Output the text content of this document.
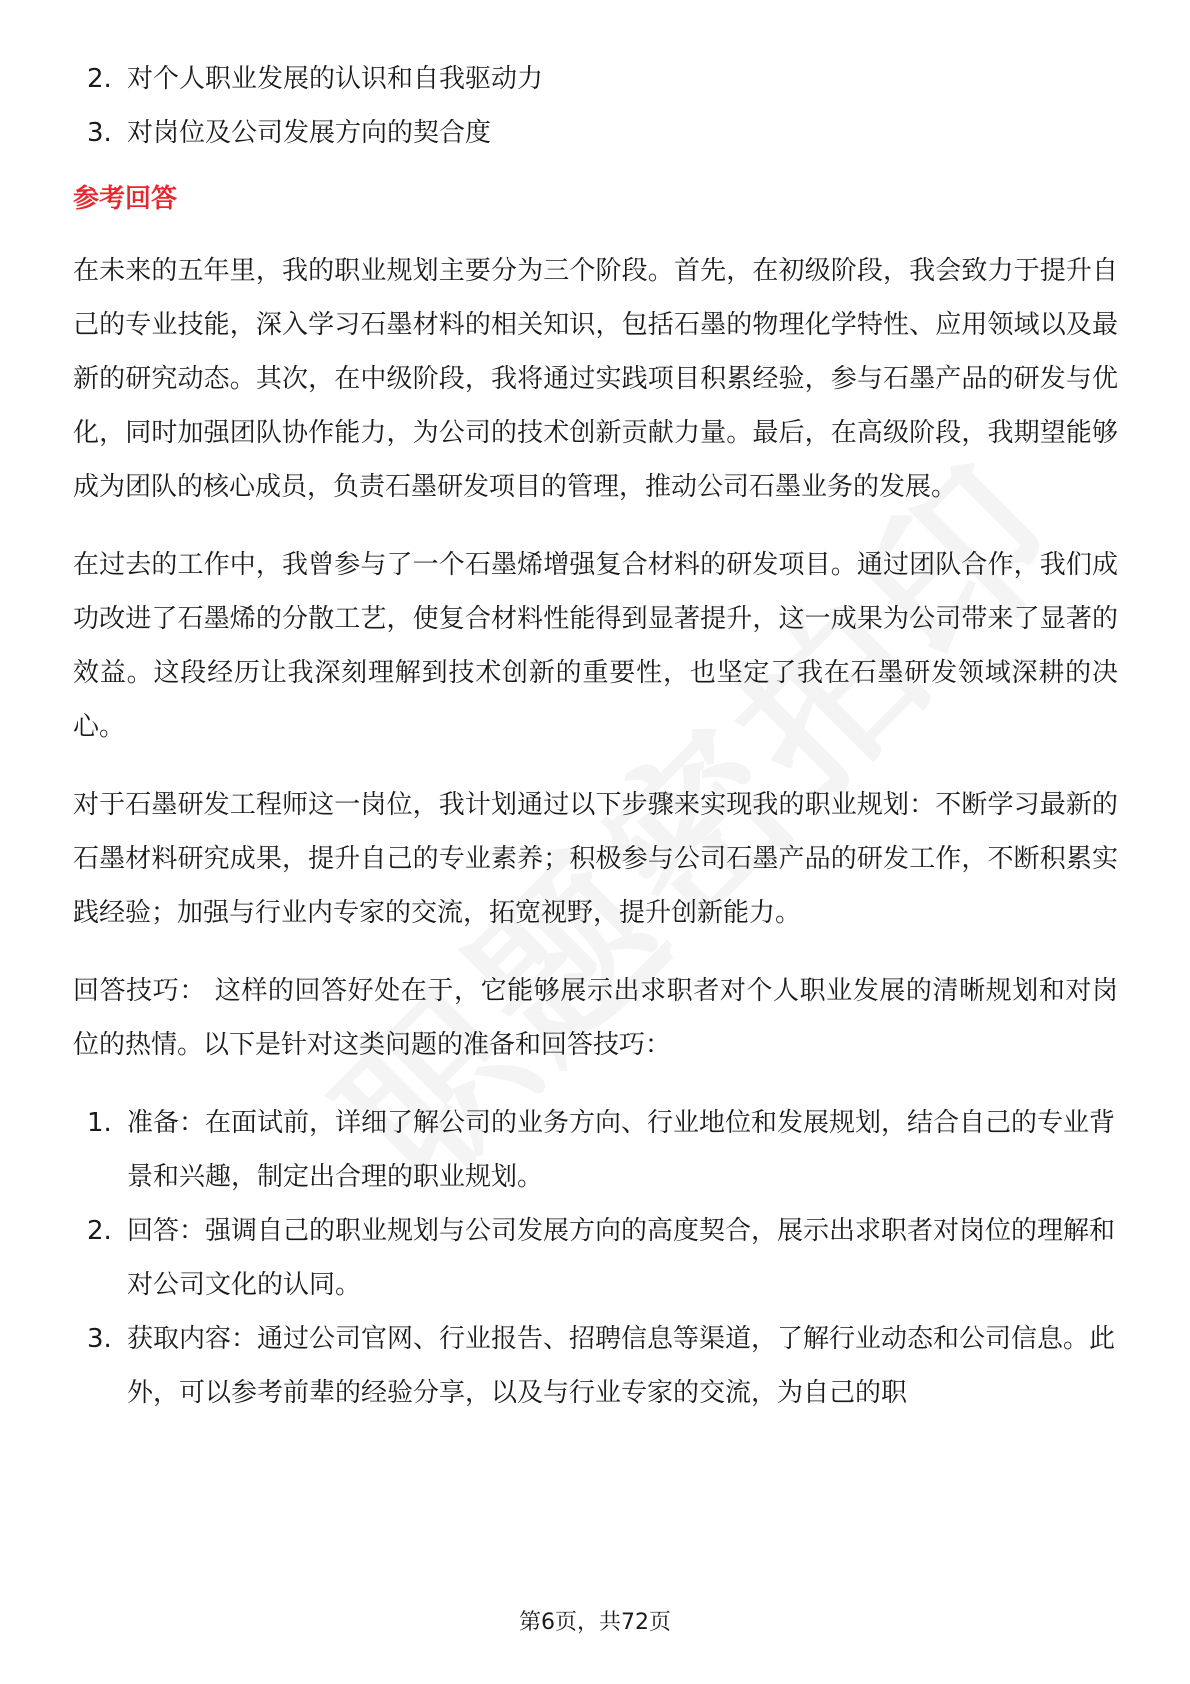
2. 对个人职业发展的认识和自我驱动力
3. 对岗位及公司发展方向的契合度
参考回答

在未来的五年里，我的职业规划主要分为三个阶段。首先，在初级阶段，我会致力于提升自己的专业技能，深入学习石墨材料的相关知识，包括石墨的物理化学特性、应用领域以及最新的研究动态。其次，在中级阶段，我将通过实践项目积累经验，参与石墨产品的研发与优化，同时加强团队协作能力，为公司的技术创新贡献力量。最后，在高级阶段，我期望能够成为团队的核心成员，负责石墨研发项目的管理，推动公司石墨业务的发展。

在过去的工作中，我曾参与了一个石墨烯增强复合材料的研发项目。通过团队合作，我们成功改进了石墨烯的分散工艺，使复合材料性能得到显著提升，这一成果为公司带来了显著的效益。这段经历让我深刻理解到技术创新的重要性，也坚定了我在石墨研发领域深耕的决心。

对于石墨研发工程师这一岗位，我计划通过以下步骤来实现我的职业规划：不断学习最新的石墨材料研究成果，提升自己的专业素养；积极参与公司石墨产品的研发工作，不断积累实践经验；加强与行业内专家的交流，拓宽视野，提升创新能力。

回答技巧： 这样的回答好处在于，它能够展示出求职者对个人职业发展的清晰规划和对岗位的热情。以下是针对这类问题的准备和回答技巧：

1. 准备：在面试前，详细了解公司的业务方向、行业地位和发展规划，结合自己的专业背景和兴趣，制定出合理的职业规划。
2. 回答：强调自己的职业规划与公司发展方向的高度契合，展示出求职者对岗位的理解和对公司文化的认同。
3. 获取内容：通过公司官网、行业报告、招聘信息等渠道，了解行业动态和公司信息。此外，可以参考前辈的经验分享，以及与行业专家的交流，为自己的职
第6页，共72页
